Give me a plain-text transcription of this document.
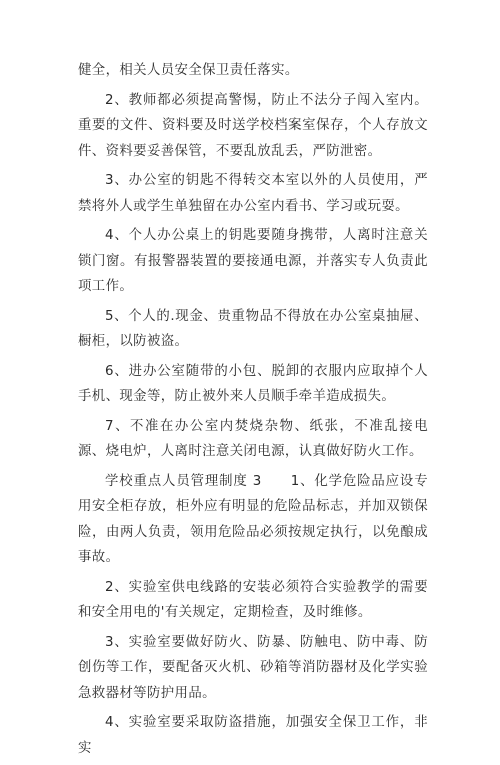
健全，相关人员安全保卫责任落实。

2、教师都必须提高警惕，防止不法分子闯入室内。重要的文件、资料要及时送学校档案室保存，个人存放文件、资料要妥善保管，不要乱放乱丢，严防泄密。

3、办公室的钥匙不得转交本室以外的人员使用，严禁将外人或学生单独留在办公室内看书、学习或玩耍。

4、个人办公桌上的钥匙要随身携带，人离时注意关锁门窗。有报警器装置的要接通电源，并落实专人负责此项工作。

5、个人的.现金、贵重物品不得放在办公室桌抽屉、橱柜，以防被盗。

6、进办公室随带的小包、脱卸的衣服内应取掉个人手机、现金等，防止被外来人员顺手牵羊造成损失。

7、不准在办公室内焚烧杂物、纸张，不准乱接电源、烧电炉，人离时注意关闭电源，认真做好防火工作。

学校重点人员管理制度 3　　1、化学危险品应设专用安全柜存放，柜外应有明显的危险品标志，并加双锁保险，由两人负责，领用危险品必须按规定执行，以免酿成事故。

2、实验室供电线路的安装必须符合实验教学的需要和安全用电的'有关规定，定期检查，及时维修。

3、实验室要做好防火、防暴、防触电、防中毒、防创伤等工作，要配备灭火机、砂箱等消防器材及化学实验急救器材等防护用品。

4、实验室要采取防盗措施，加强安全保卫工作，非实
